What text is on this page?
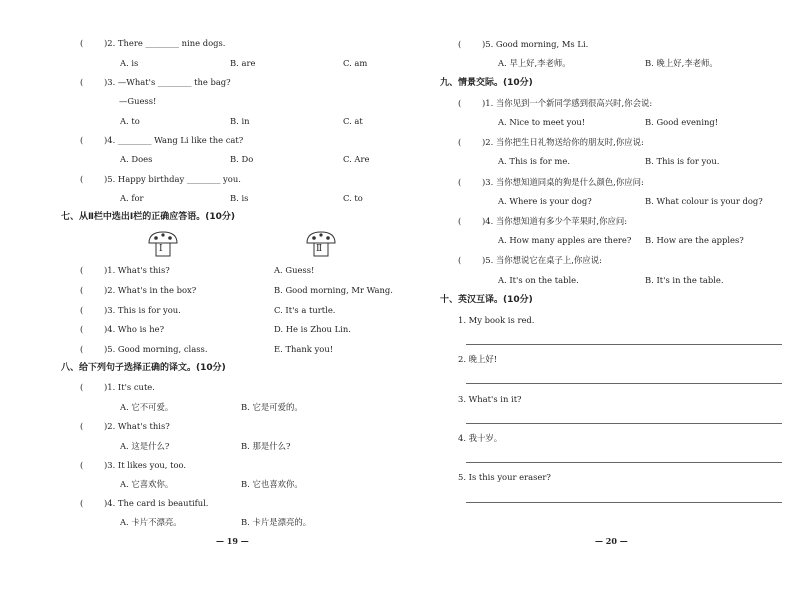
( )2. There ________ nine dogs.
A. is	B. are	C. am
( )3. —What's ________ the bag?
—Guess!
A. to	B. in	C. at
( )4. ________ Wang Li like the cat?
A. Does	B. Do	C. Are
( )5. Happy birthday ________ you.
A. for	B. is	C. to
七、从Ⅱ栏中选出Ⅰ栏的正确应答语。(10分)
Ⅰ	Ⅱ
( )1. What's this?	A. Guess!
( )2. What's in the box?	B. Good morning, Mr Wang.
( )3. This is for you.	C. It's a turtle.
( )4. Who is he?	D. He is Zhou Lin.
( )5. Good morning, class.	E. Thank you!
八、给下列句子选择正确的译文。(10分)
( )1. It's cute.
A. 它不可爱。	B. 它是可爱的。
( )2. What's this?
A. 这是什么?	B. 那是什么?
( )3. It likes you, too.
A. 它喜欢你。	B. 它也喜欢你。
( )4. The card is beautiful.
A. 卡片不漂亮。	B. 卡片是漂亮的。
— 19 —
( )5. Good morning, Ms Li.
A. 早上好,李老师。	B. 晚上好,李老师。
九、情景交际。(10分)
( )1. 当你见到一个新同学感到很高兴时,你会说:
A. Nice to meet you!	B. Good evening!
( )2. 当你把生日礼物送给你的朋友时,你应说:
A. This is for me.	B. This is for you.
( )3. 当你想知道同桌的狗是什么颜色,你应问:
A. Where is your dog?	B. What colour is your dog?
( )4. 当你想知道有多少个苹果时,你应问:
A. How many apples are there? B. How are the apples?
( )5. 当你想说它在桌子上,你应说:
A. It's on the table.	B. It's in the table.
十、英汉互译。(10分)
1. My book is red.
2. 晚上好!
3. What's in it?
4. 我十岁。
5. Is this your eraser?
— 20 —
